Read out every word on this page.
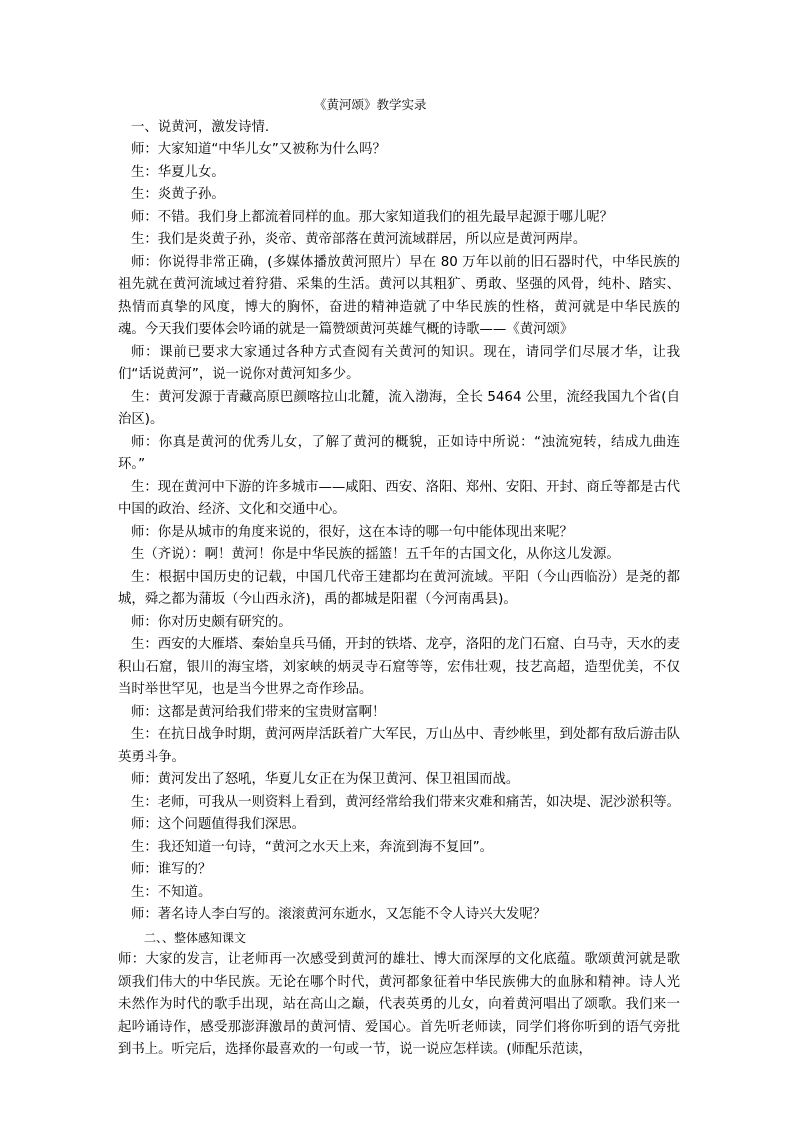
《黄河颂》教学实录

一、说黄河，激发诗情.

师：大家知道“中华儿女”又被称为什么吗？

生：华夏儿女。

生：炎黄子孙。

师：不错。我们身上都流着同样的血。那大家知道我们的祖先最早起源于哪儿呢？

生：我们是炎黄子孙，炎帝、黄帝部落在黄河流域群居，所以应是黄河两岸。

师：你说得非常正确，(多媒体播放黄河照片）早在 80 万年以前的旧石器时代，中华民族的祖先就在黄河流域过着狩猎、采集的生活。黄河以其粗犷、勇敢、坚强的风骨，纯朴、踏实、热情而真挚的风度，博大的胸怀，奋进的精神造就了中华民族的性格，黄河就是中华民族的魂。今天我们要体会吟诵的就是一篇赞颂黄河英雄气概的诗歌——《黄河颂》

师：课前已要求大家通过各种方式查阅有关黄河的知识。现在，请同学们尽展才华，让我们“话说黄河”，说一说你对黄河知多少。

生：黄河发源于青藏高原巴颜喀拉山北麓，流入渤海，全长 5464 公里，流经我国九个省(自治区)。

师：你真是黄河的优秀儿女，了解了黄河的概貌，正如诗中所说：“浊流宛转，结成九曲连环。”

生：现在黄河中下游的许多城市——咸阳、西安、洛阳、郑州、安阳、开封、商丘等都是古代中国的政治、经济、文化和交通中心。

师：你是从城市的角度来说的，很好，这在本诗的哪一句中能体现出来呢？

生（齐说）：啊！黄河！你是中华民族的摇篮！五千年的古国文化，从你这儿发源。

生：根据中国历史的记载，中国几代帝王建都均在黄河流域。平阳（今山西临汾）是尧的都城，舜之都为蒲坂（今山西永济)，禹的都城是阳翟（今河南禹县)。

师：你对历史颇有研究的。

生：西安的大雁塔、秦始皇兵马俑，开封的铁塔、龙亭，洛阳的龙门石窟、白马寺，天水的麦积山石窟，银川的海宝塔，刘家峡的炳灵寺石窟等等，宏伟壮观，技艺高超，造型优美，不仅当时举世罕见，也是当今世界之奇作珍品。

师：这都是黄河给我们带来的宝贵财富啊！

生：在抗日战争时期，黄河两岸活跃着广大军民，万山丛中、青纱帐里，到处都有敌后游击队英勇斗争。

师：黄河发出了怒吼，华夏儿女正在为保卫黄河、保卫祖国而战。

生：老师，可我从一则资料上看到，黄河经常给我们带来灾难和痛苦，如决堤、泥沙淤积等。

师：这个问题值得我们深思。

生：我还知道一句诗，“黄河之水天上来，奔流到海不复回”。

师：谁写的？

生：不知道。

师：著名诗人李白写的。滚滚黄河东逝水，又怎能不令人诗兴大发呢？

二、、整体感知课文

师：大家的发言，让老师再一次感受到黄河的雄壮、博大而深厚的文化底蕴。歌颂黄河就是歌颂我们伟大的中华民族。无论在哪个时代，黄河都象征着中华民族佛大的血脉和精神。诗人光未然作为时代的歌手出现，站在高山之巅，代表英勇的儿女，向着黄河唱出了颂歌。我们来一起吟诵诗作，感受那澎湃激昂的黄河情、爱国心。首先听老师读，同学们将你听到的语气旁批到书上。听完后，选择你最喜欢的一句或一节，说一说应怎样读。(师配乐范读，
